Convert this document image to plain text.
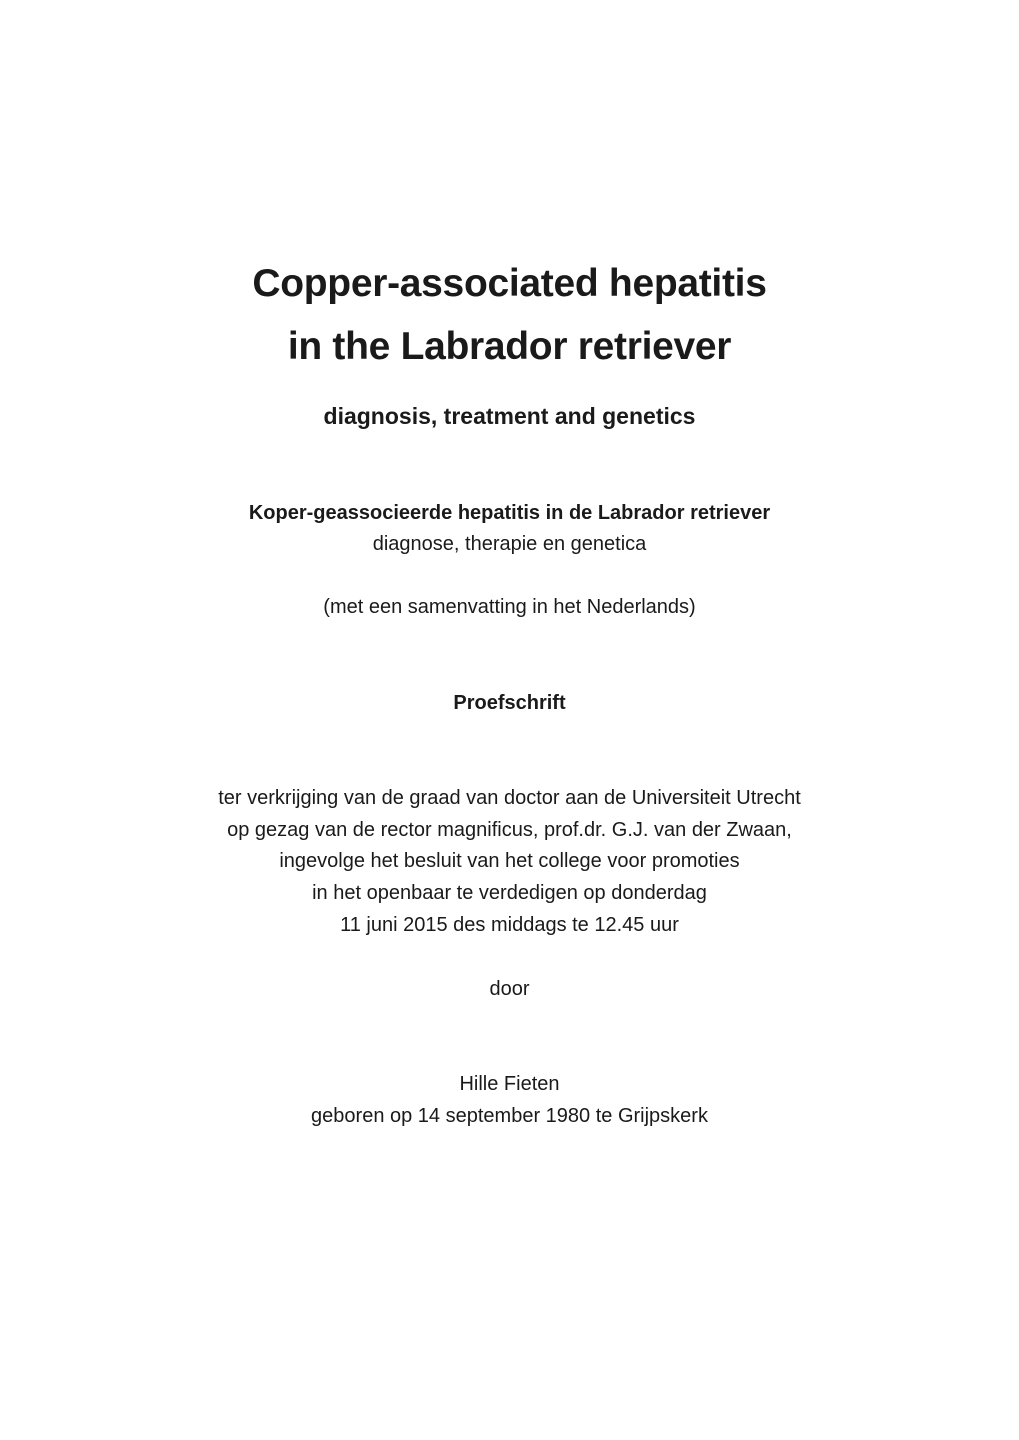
Copper-associated hepatitis
in the Labrador retriever
diagnosis, treatment and genetics
Koper-geassocieerde hepatitis in de Labrador retriever
diagnose, therapie en genetica
(met een samenvatting in het Nederlands)
Proefschrift
ter verkrijging van de graad van doctor aan de Universiteit Utrecht
op gezag van de rector magnificus, prof.dr. G.J. van der Zwaan,
ingevolge het besluit van het college voor promoties
in het openbaar te verdedigen op donderdag
11 juni 2015 des middags te 12.45 uur
door
Hille Fieten
geboren op 14 september 1980 te Grijpskerk
